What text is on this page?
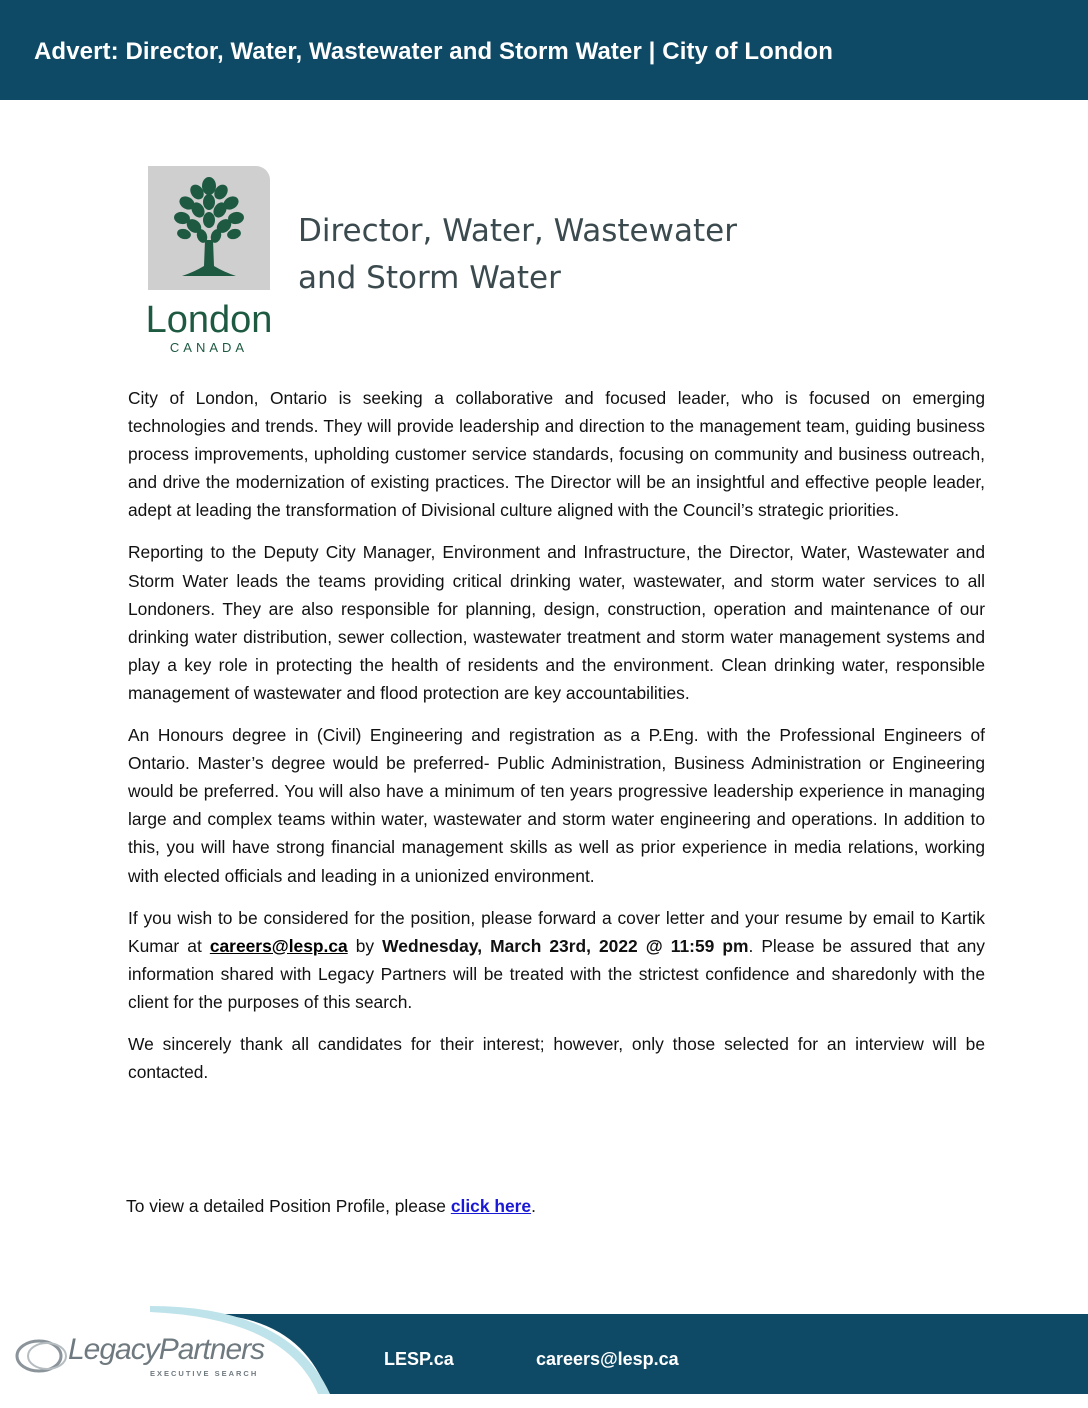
Advert: Director, Water, Wastewater and Storm Water | City of London
London
CANADA
Director, Water, Wastewater
and Storm Water

City of London, Ontario is seeking a collaborative and focused leader, who is focused on emerging technologies and trends. They will provide leadership and direction to the management team, guiding business process improvements, upholding customer service standards, focusing on community and business outreach, and drive the modernization of existing practices. The Director will be an insightful and effective people leader, adept at leading the transformation of Divisional culture aligned with the Council’s strategic priorities.

Reporting to the Deputy City Manager, Environment and Infrastructure, the Director, Water, Wastewater and Storm Water leads the teams providing critical drinking water, wastewater, and storm water services to all Londoners. They are also responsible for planning, design, construction, operation and maintenance of our drinking water distribution, sewer collection, wastewater treatment and storm water management systems and play a key role in protecting the health of residents and the environment. Clean drinking water, responsible management of wastewater and flood protection are key accountabilities.

An Honours degree in (Civil) Engineering and registration as a P.Eng. with the Professional Engineers of Ontario. Master’s degree would be preferred- Public Administration, Business Administration or Engineering would be preferred. You will also have a minimum of ten years progressive leadership experience in managing large and complex teams within water, wastewater and storm water engineering and operations. In addition to this, you will have strong financial management skills as well as prior experience in media relations, working with elected officials and leading in a unionized environment.

If you wish to be considered for the position, please forward a cover letter and your resume by email to Kartik Kumar at careers@lesp.ca by Wednesday, March 23rd, 2022 @ 11:59 pm. Please be assured that any information shared with Legacy Partners will be treated with the strictest confidence and sharedonly with the client for the purposes of this search.

We sincerely thank all candidates for their interest; however, only those selected for an interview will be contacted.

To view a detailed Position Profile, please click here.
LegacyPartners
EXECUTIVE SEARCH
LESP.ca	careers@lesp.ca
